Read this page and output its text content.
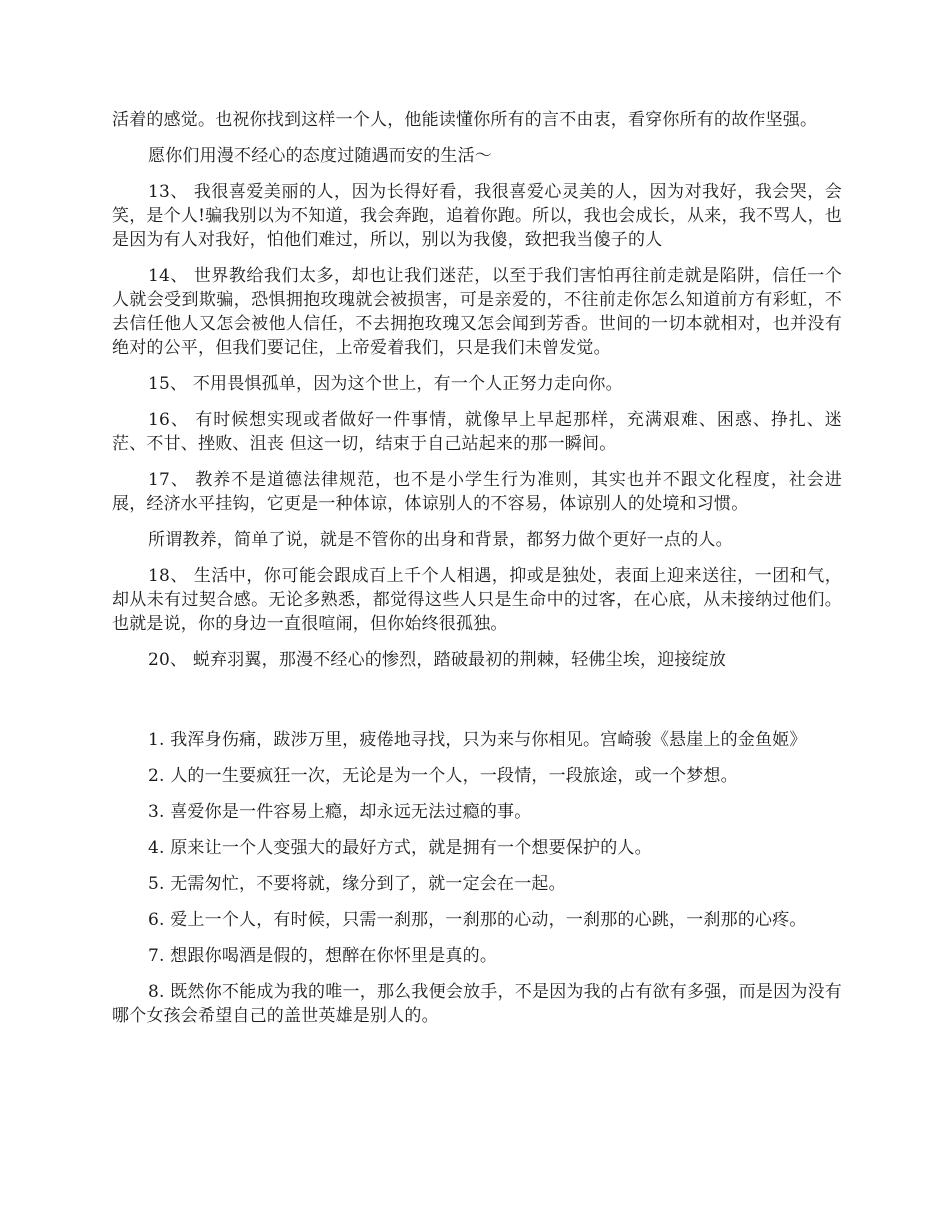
活着的感觉。也祝你找到这样一个人，他能读懂你所有的言不由衷，看穿你所有的故作坚强。

愿你们用漫不经心的态度过随遇而安的生活～

13、 我很喜爱美丽的人，因为长得好看，我很喜爱心灵美的人，因为对我好，我会哭，会笑，是个人!骗我别以为不知道，我会奔跑，追着你跑。所以，我也会成长，从来，我不骂人，也是因为有人对我好，怕他们难过，所以，别以为我傻，致把我当傻子的人

14、 世界教给我们太多，却也让我们迷茫，以至于我们害怕再往前走就是陷阱，信任一个人就会受到欺骗，恐惧拥抱玫瑰就会被损害，可是亲爱的，不往前走你怎么知道前方有彩虹，不去信任他人又怎会被他人信任，不去拥抱玫瑰又怎会闻到芳香。世间的一切本就相对，也并没有绝对的公平，但我们要记住，上帝爱着我们，只是我们未曾发觉。

15、 不用畏惧孤单，因为这个世上，有一个人正努力走向你。

16、 有时候想实现或者做好一件事情，就像早上早起那样，充满艰难、困惑、挣扎、迷茫、不甘、挫败、沮丧 但这一切，结束于自己站起来的那一瞬间。

17、 教养不是道德法律规范，也不是小学生行为准则，其实也并不跟文化程度，社会进展，经济水平挂钩，它更是一种体谅，体谅别人的不容易，体谅别人的处境和习惯。

所谓教养，简单了说，就是不管你的出身和背景，都努力做个更好一点的人。

18、 生活中，你可能会跟成百上千个人相遇，抑或是独处，表面上迎来送往，一团和气，却从未有过契合感。无论多熟悉，都觉得这些人只是生命中的过客，在心底，从未接纳过他们。也就是说，你的身边一直很喧闹，但你始终很孤独。

20、 蜕弃羽翼，那漫不经心的惨烈，踏破最初的荆棘，轻佛尘埃，迎接绽放

1. 我浑身伤痛，跋涉万里，疲倦地寻找，只为来与你相见。宫崎骏《悬崖上的金鱼姬》

2. 人的一生要疯狂一次，无论是为一个人，一段情，一段旅途，或一个梦想。

3. 喜爱你是一件容易上瘾，却永远无法过瘾的事。

4. 原来让一个人变强大的最好方式，就是拥有一个想要保护的人。

5. 无需匆忙，不要将就，缘分到了，就一定会在一起。

6. 爱上一个人，有时候，只需一刹那，一刹那的心动，一刹那的心跳，一刹那的心疼。

7. 想跟你喝酒是假的，想醉在你怀里是真的。

8. 既然你不能成为我的唯一，那么我便会放手，不是因为我的占有欲有多强，而是因为没有哪个女孩会希望自己的盖世英雄是别人的。
